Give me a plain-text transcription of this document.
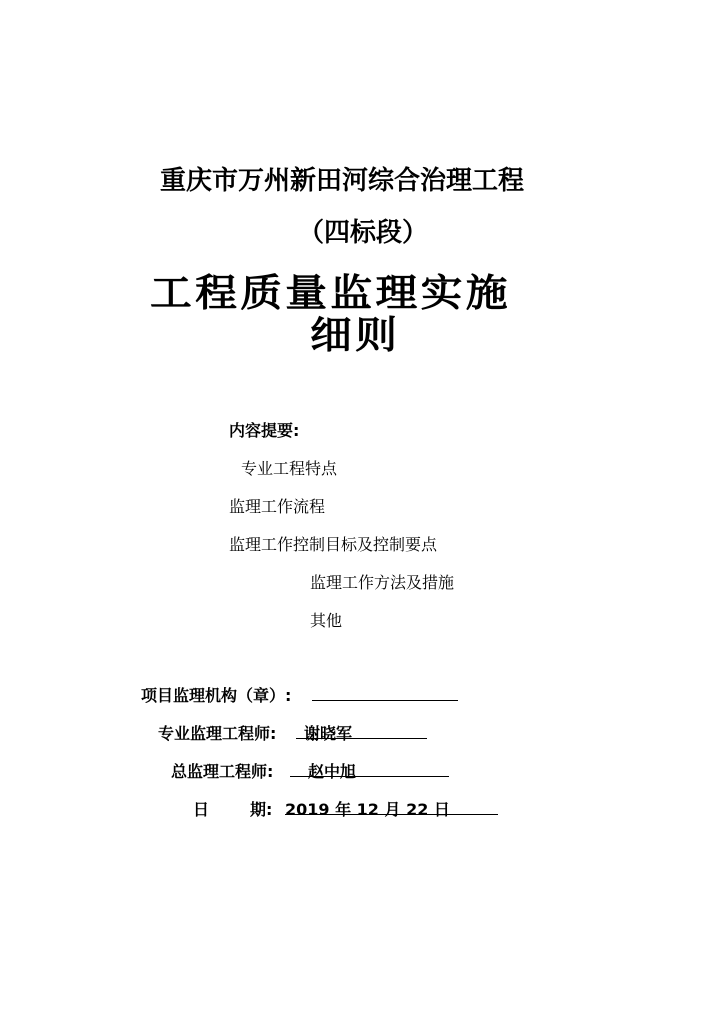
重庆市万州新田河综合治理工程
（四标段）
工程质量监理实施
细则
内容提要:
专业工程特点
监理工作流程
监理工作控制目标及控制要点
监理工作方法及措施
其他
项目监理机构（章）:
专业监理工程师: 谢晓军
总监理工程师: 赵中旭
日	期: 2019 年 12 月 22 日
